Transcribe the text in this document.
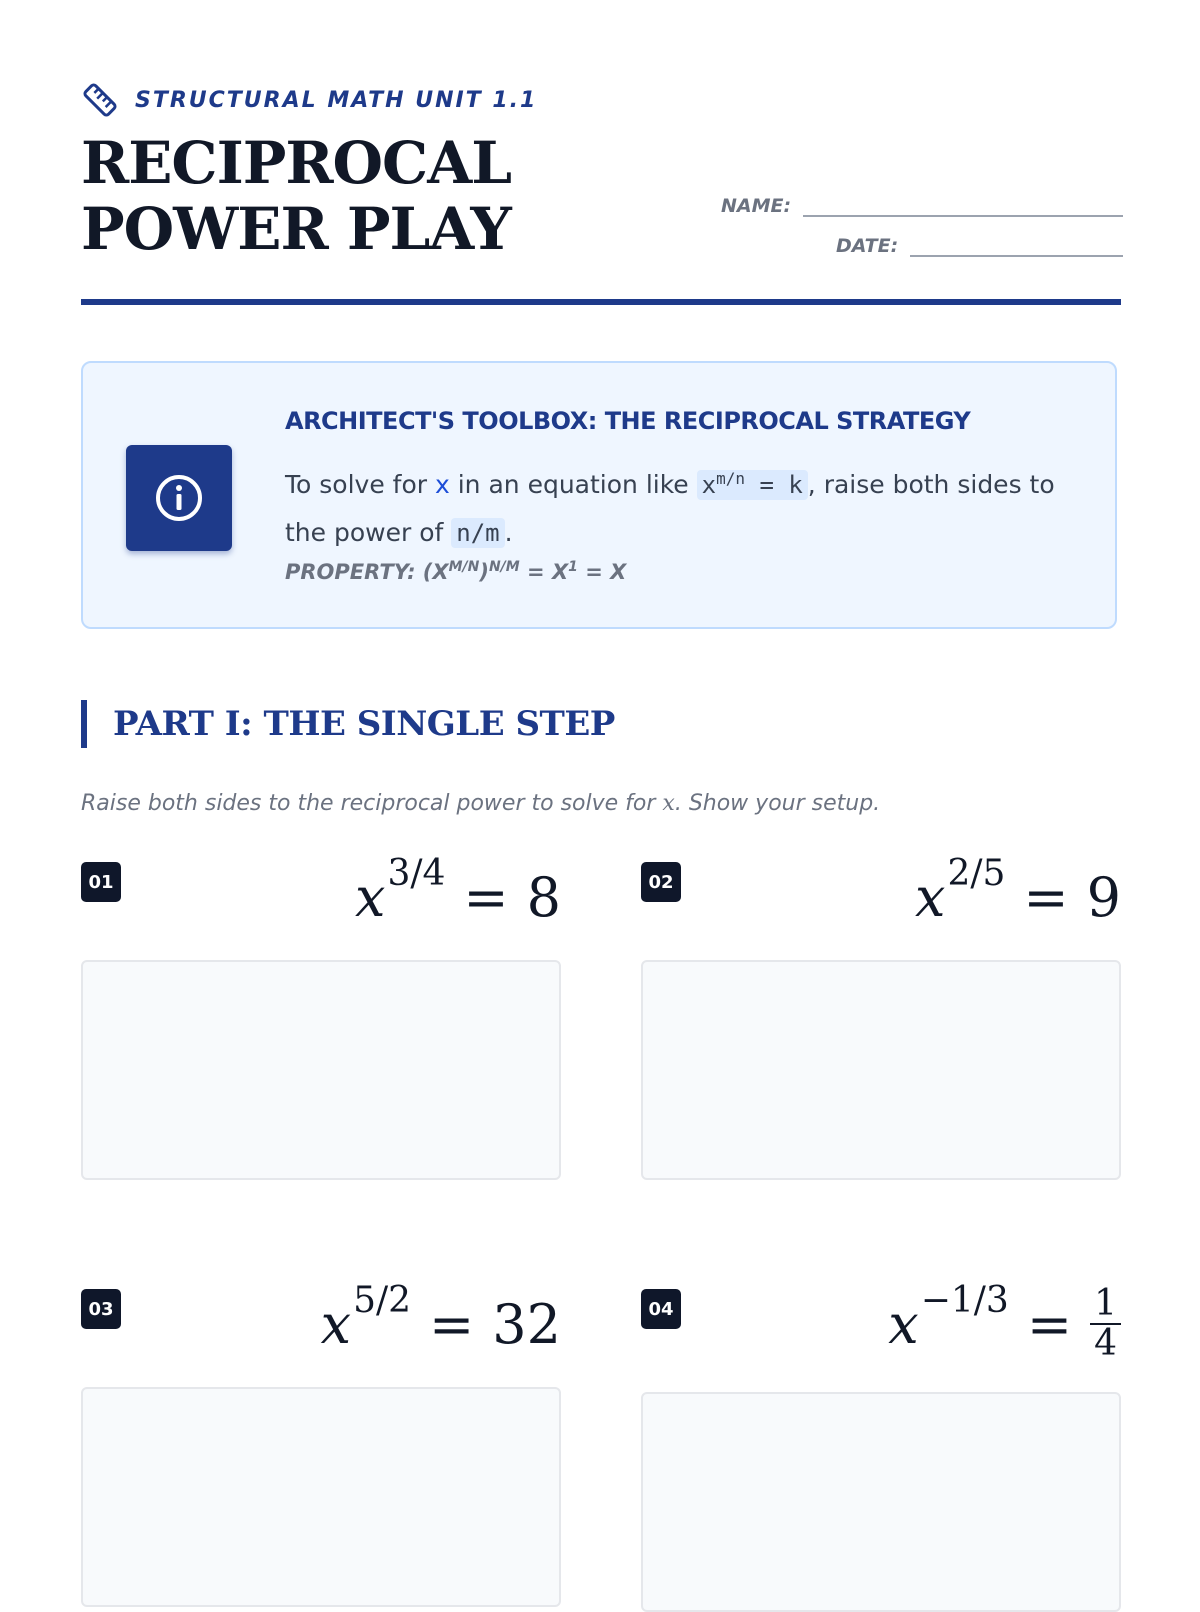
STRUCTURAL MATH UNIT 1.1
RECIPROCAL POWER PLAY	NAME:
DATE:
ARCHITECT'S TOOLBOX: THE RECIPROCAL STRATEGY
To solve for x in an equation like $x^{m/n} = k$ , raise both sides to the power of n/m .
PROPERTY: $(X^{M/N})^{N/M} = X^1 = X$
PART I: THE SINGLE STEP
Raise both sides to the reciprocal power to solve for x. Show your setup.
01	x 3/4 = 8	02	x 2/5 = 9
03	x 5/2 = 32	04	$x -1/3 = \frac{1}{4}$
